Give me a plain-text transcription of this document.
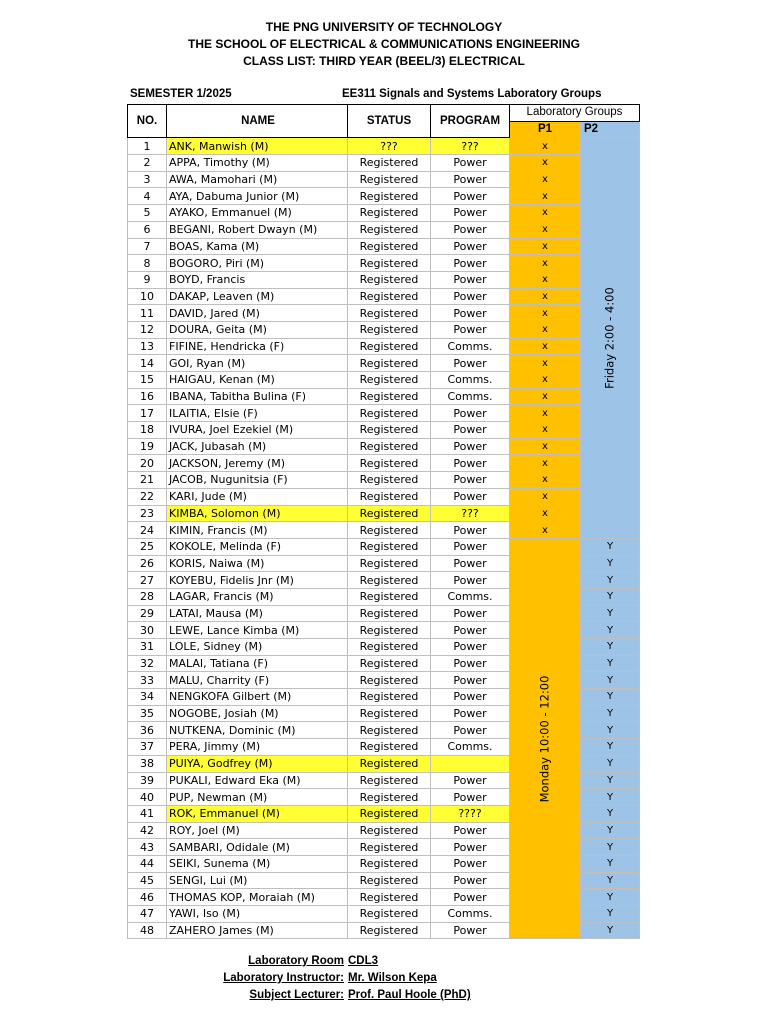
THE PNG UNIVERSITY OF TECHNOLOGY
THE SCHOOL OF ELECTRICAL & COMMUNICATIONS ENGINEERING
CLASS LIST: THIRD YEAR (BEEL/3) ELECTRICAL
SEMESTER 1/2025	EE311 Signals and Systems Laboratory Groups
NO.	NAME	STATUS	PROGRAM	Laboratory Groups	
				P1	P2
1	ANK, Manwish (M)	???	???	x	Friday 2:00 - 4:00

2	APPA, Timothy (M)	Registered	Power	x	
3	AWA, Mamohari (M)	Registered	Power	x	
4	AYA, Dabuma Junior (M)	Registered	Power	x	
5	AYAKO, Emmanuel (M)	Registered	Power	x	
6	BEGANI, Robert Dwayn (M)	Registered	Power	x	
7	BOAS, Kama (M)	Registered	Power	x	
8	BOGORO, Piri (M)	Registered	Power	x	
9	BOYD, Francis	Registered	Power	x	
10	DAKAP, Leaven (M)	Registered	Power	x	
11	DAVID, Jared (M)	Registered	Power	x	
12	DOURA, Geita (M)	Registered	Power	x	
13	FIFINE, Hendricka (F)	Registered	Comms.	x	
14	GOI, Ryan (M)	Registered	Power	x	
15	HAIGAU, Kenan (M)	Registered	Comms.	x	
16	IBANA, Tabitha Bulina (F)	Registered	Comms.	x	
17	ILAITIA, Elsie (F)	Registered	Power	x	
18	IVURA, Joel Ezekiel (M)	Registered	Power	x	
19	JACK, Jubasah (M)	Registered	Power	x	
20	JACKSON, Jeremy (M)	Registered	Power	x	
21	JACOB, Nugunitsia (F)	Registered	Power	x	
22	KARI, Jude (M)	Registered	Power	x	
23	KIMBA, Solomon (M)	Registered	???	x	
24	KIMIN, Francis (M)	Registered	Power	x	
25	KOKOLE, Melinda (F)	Registered	Power	Monday 10:00 - 12:00	Y
26	KORIS, Naiwa (M)	Registered	Power		Y
27	KOYEBU, Fidelis Jnr (M)	Registered	Power		Y
28	LAGAR, Francis (M)	Registered	Comms.		Y
29	LATAI, Mausa (M)	Registered	Power		Y
30	LEWE, Lance Kimba (M)	Registered	Power		Y
31	LOLE, Sidney (M)	Registered	Power		Y
32	MALAI, Tatiana (F)	Registered	Power		Y
33	MALU, Charrity (F)	Registered	Power		Y
34	NENGKOFA Gilbert (M)	Registered	Power		Y
35	NOGOBE, Josiah (M)	Registered	Power		Y
36	NUTKENA, Dominic (M)	Registered	Power		Y
37	PERA, Jimmy (M)	Registered	Comms.		Y
38	PUIYA, Godfrey (M)	Registered			Y
39	PUKALI, Edward Eka (M)	Registered	Power		Y
40	PUP, Newman (M)	Registered	Power		Y
41	ROK, Emmanuel (M)	Registered	????		Y
42	ROY, Joel (M)	Registered	Power		Y
43	SAMBARI, Odidale (M)	Registered	Power		Y
44	SEIKI, Sunema (M)	Registered	Power		Y
45	SENGI, Lui (M)	Registered	Power		Y
46	THOMAS KOP, Moraiah (M)	Registered	Power		Y
47	YAWI, Iso (M)	Registered	Comms.		Y
48	ZAHERO James (M)	Registered	Power		Y
Laboratory Room CDL3
Laboratory Instructor: Mr. Wilson Kepa
Subject Lecturer: Prof. Paul Hoole (PhD)
